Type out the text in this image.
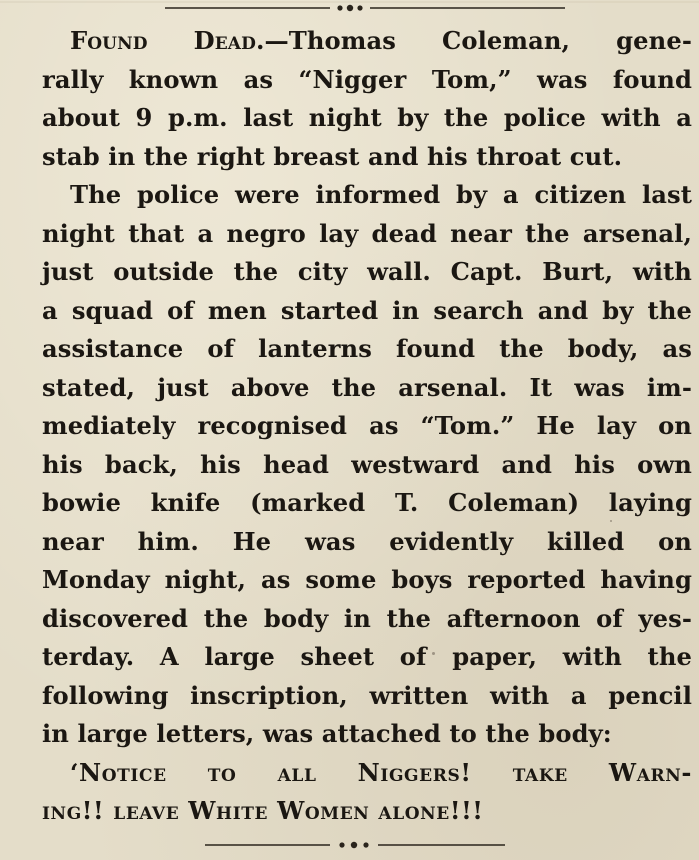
Found Dead.—Thomas Coleman, gene-
rally known as “Nigger Tom,” was found
about 9 p.m. last night by the police with a
stab in the right breast and his throat cut.
The police were informed by a citizen last
night that a negro lay dead near the arsenal,
just outside the city wall. Capt. Burt, with
a squad of men started in search and by the
assistance of lanterns found the body, as
stated, just above the arsenal. It was im-
mediately recognised as “Tom.” He lay on
his back, his head westward and his own
bowie knife (marked T. Coleman) laying
near him. He was evidently killed on
Monday night, as some boys reported having
discovered the body in the afternoon of yes-
terday. A large sheet of paper, with the
following inscription, written with a pencil
in large letters, was attached to the body:
‘Notice to all Niggers! take Warn-
ing!! leave White Women alone!!!
